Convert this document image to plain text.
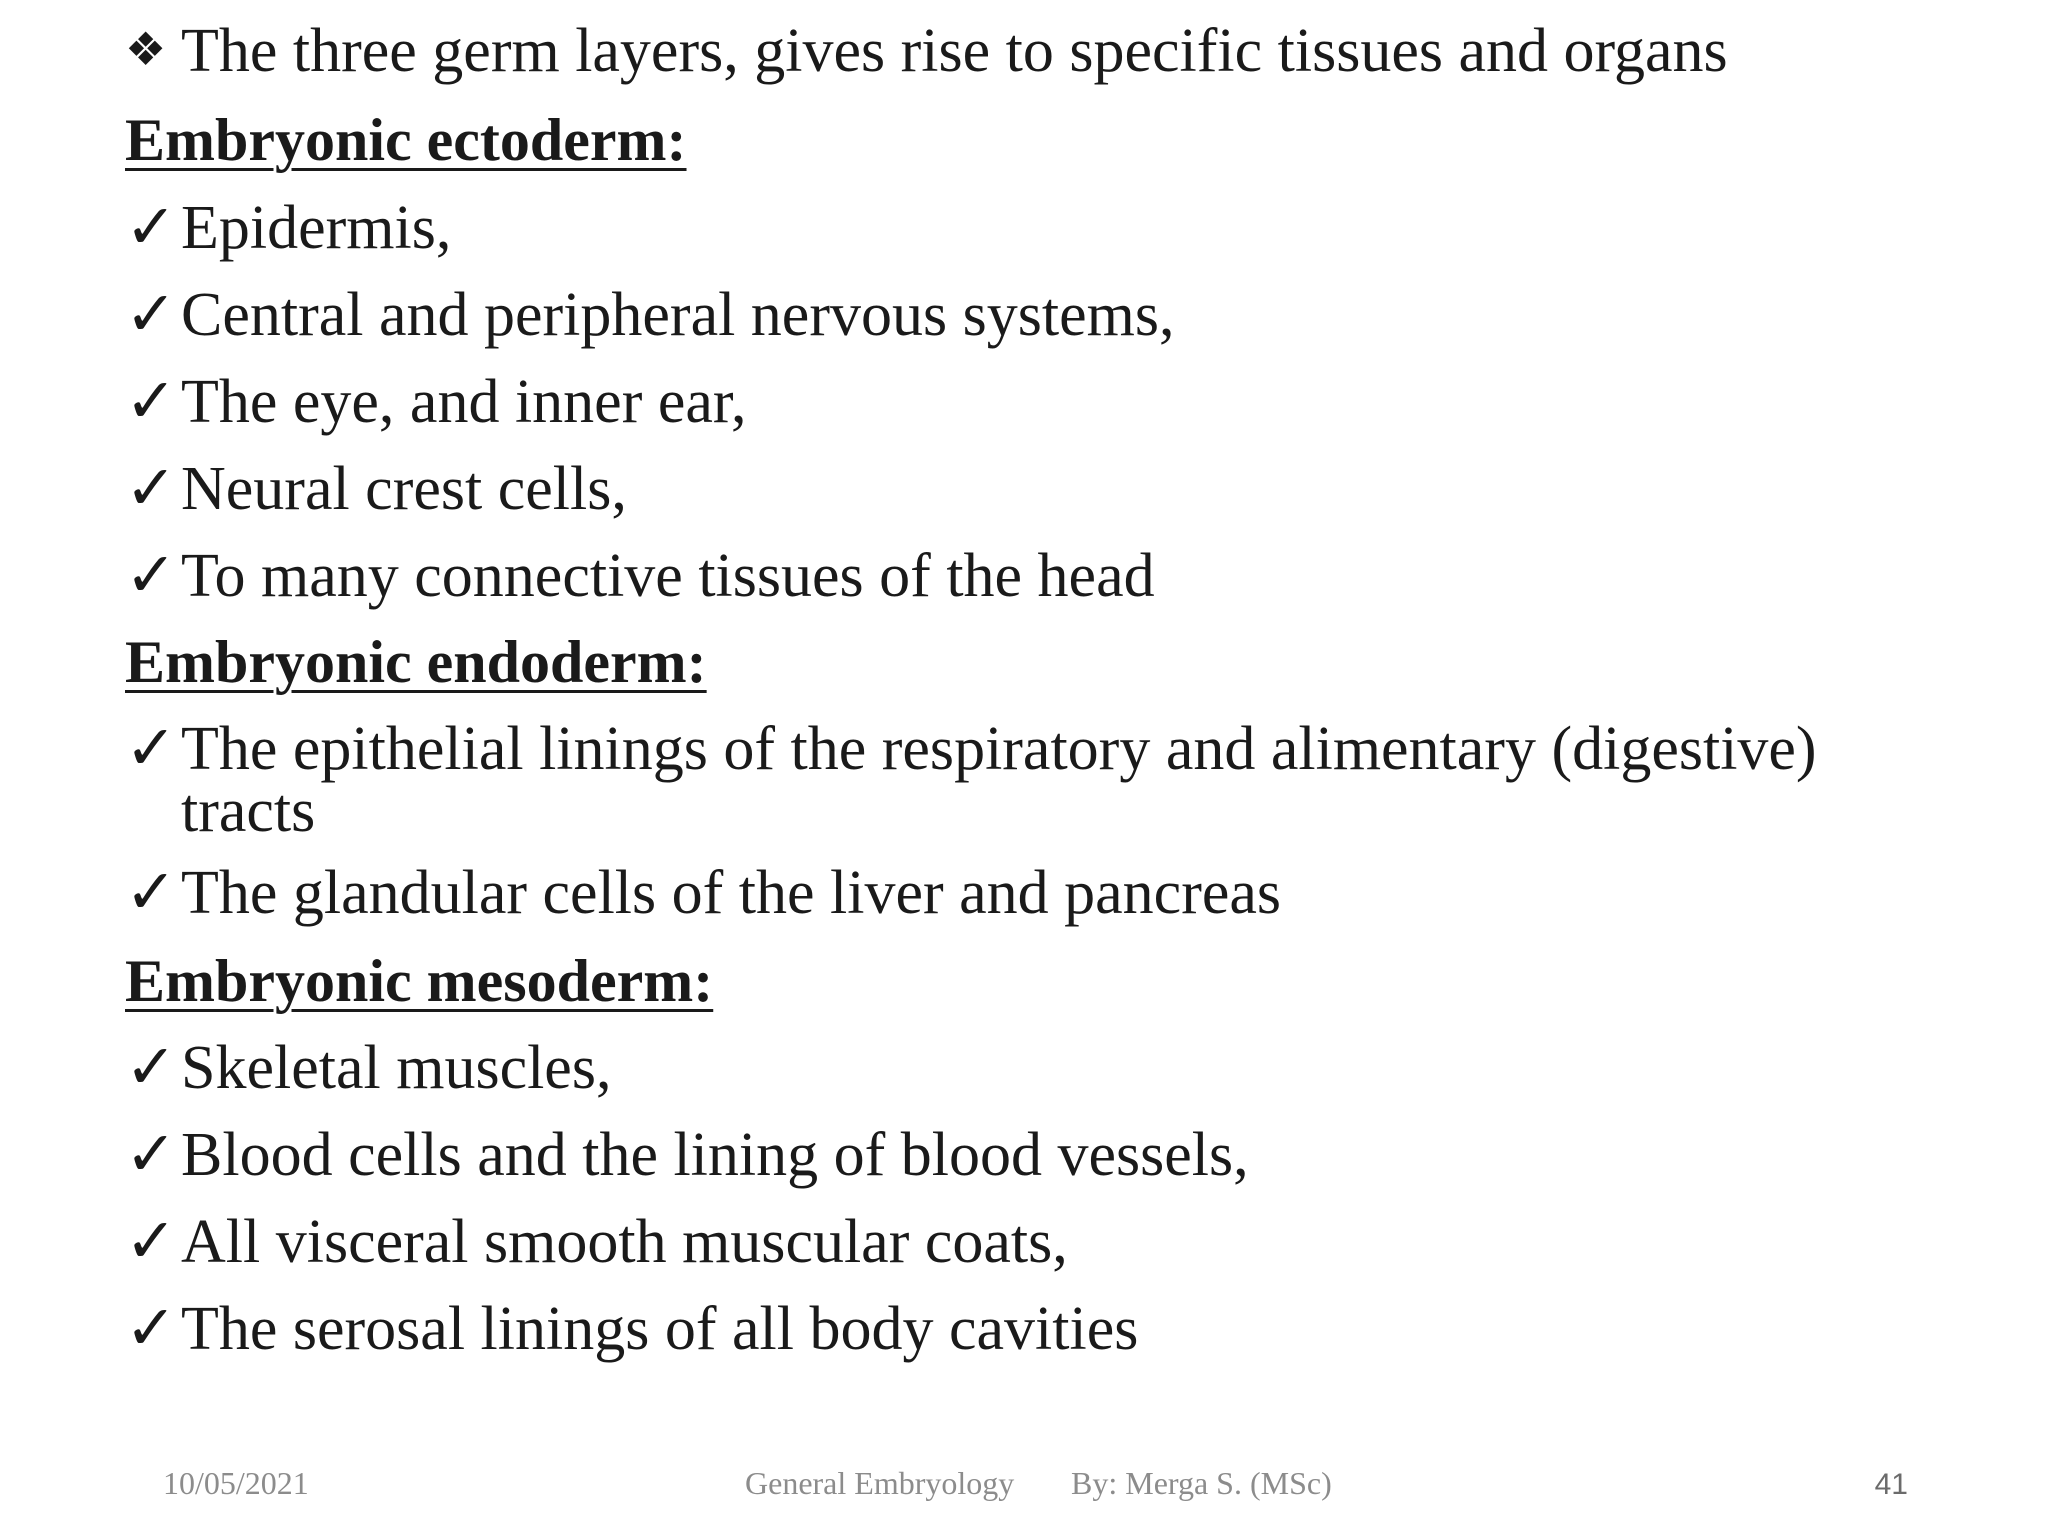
❖ The three germ layers, gives rise to specific tissues and organs
Embryonic ectoderm:
✓Epidermis,
✓Central and peripheral nervous systems,
✓The eye, and inner ear,
✓Neural crest cells,
✓To many connective tissues of the head
Embryonic endoderm:
✓The epithelial linings of the respiratory and alimentary (digestive)
tracts
✓The glandular cells of the liver and pancreas
Embryonic mesoderm:
✓Skeletal muscles,
✓Blood cells and the lining of blood vessels,
✓All visceral smooth muscular coats,
✓The serosal linings of all body cavities
10/05/2021	General Embryology By: Merga S. (MSc)	41
